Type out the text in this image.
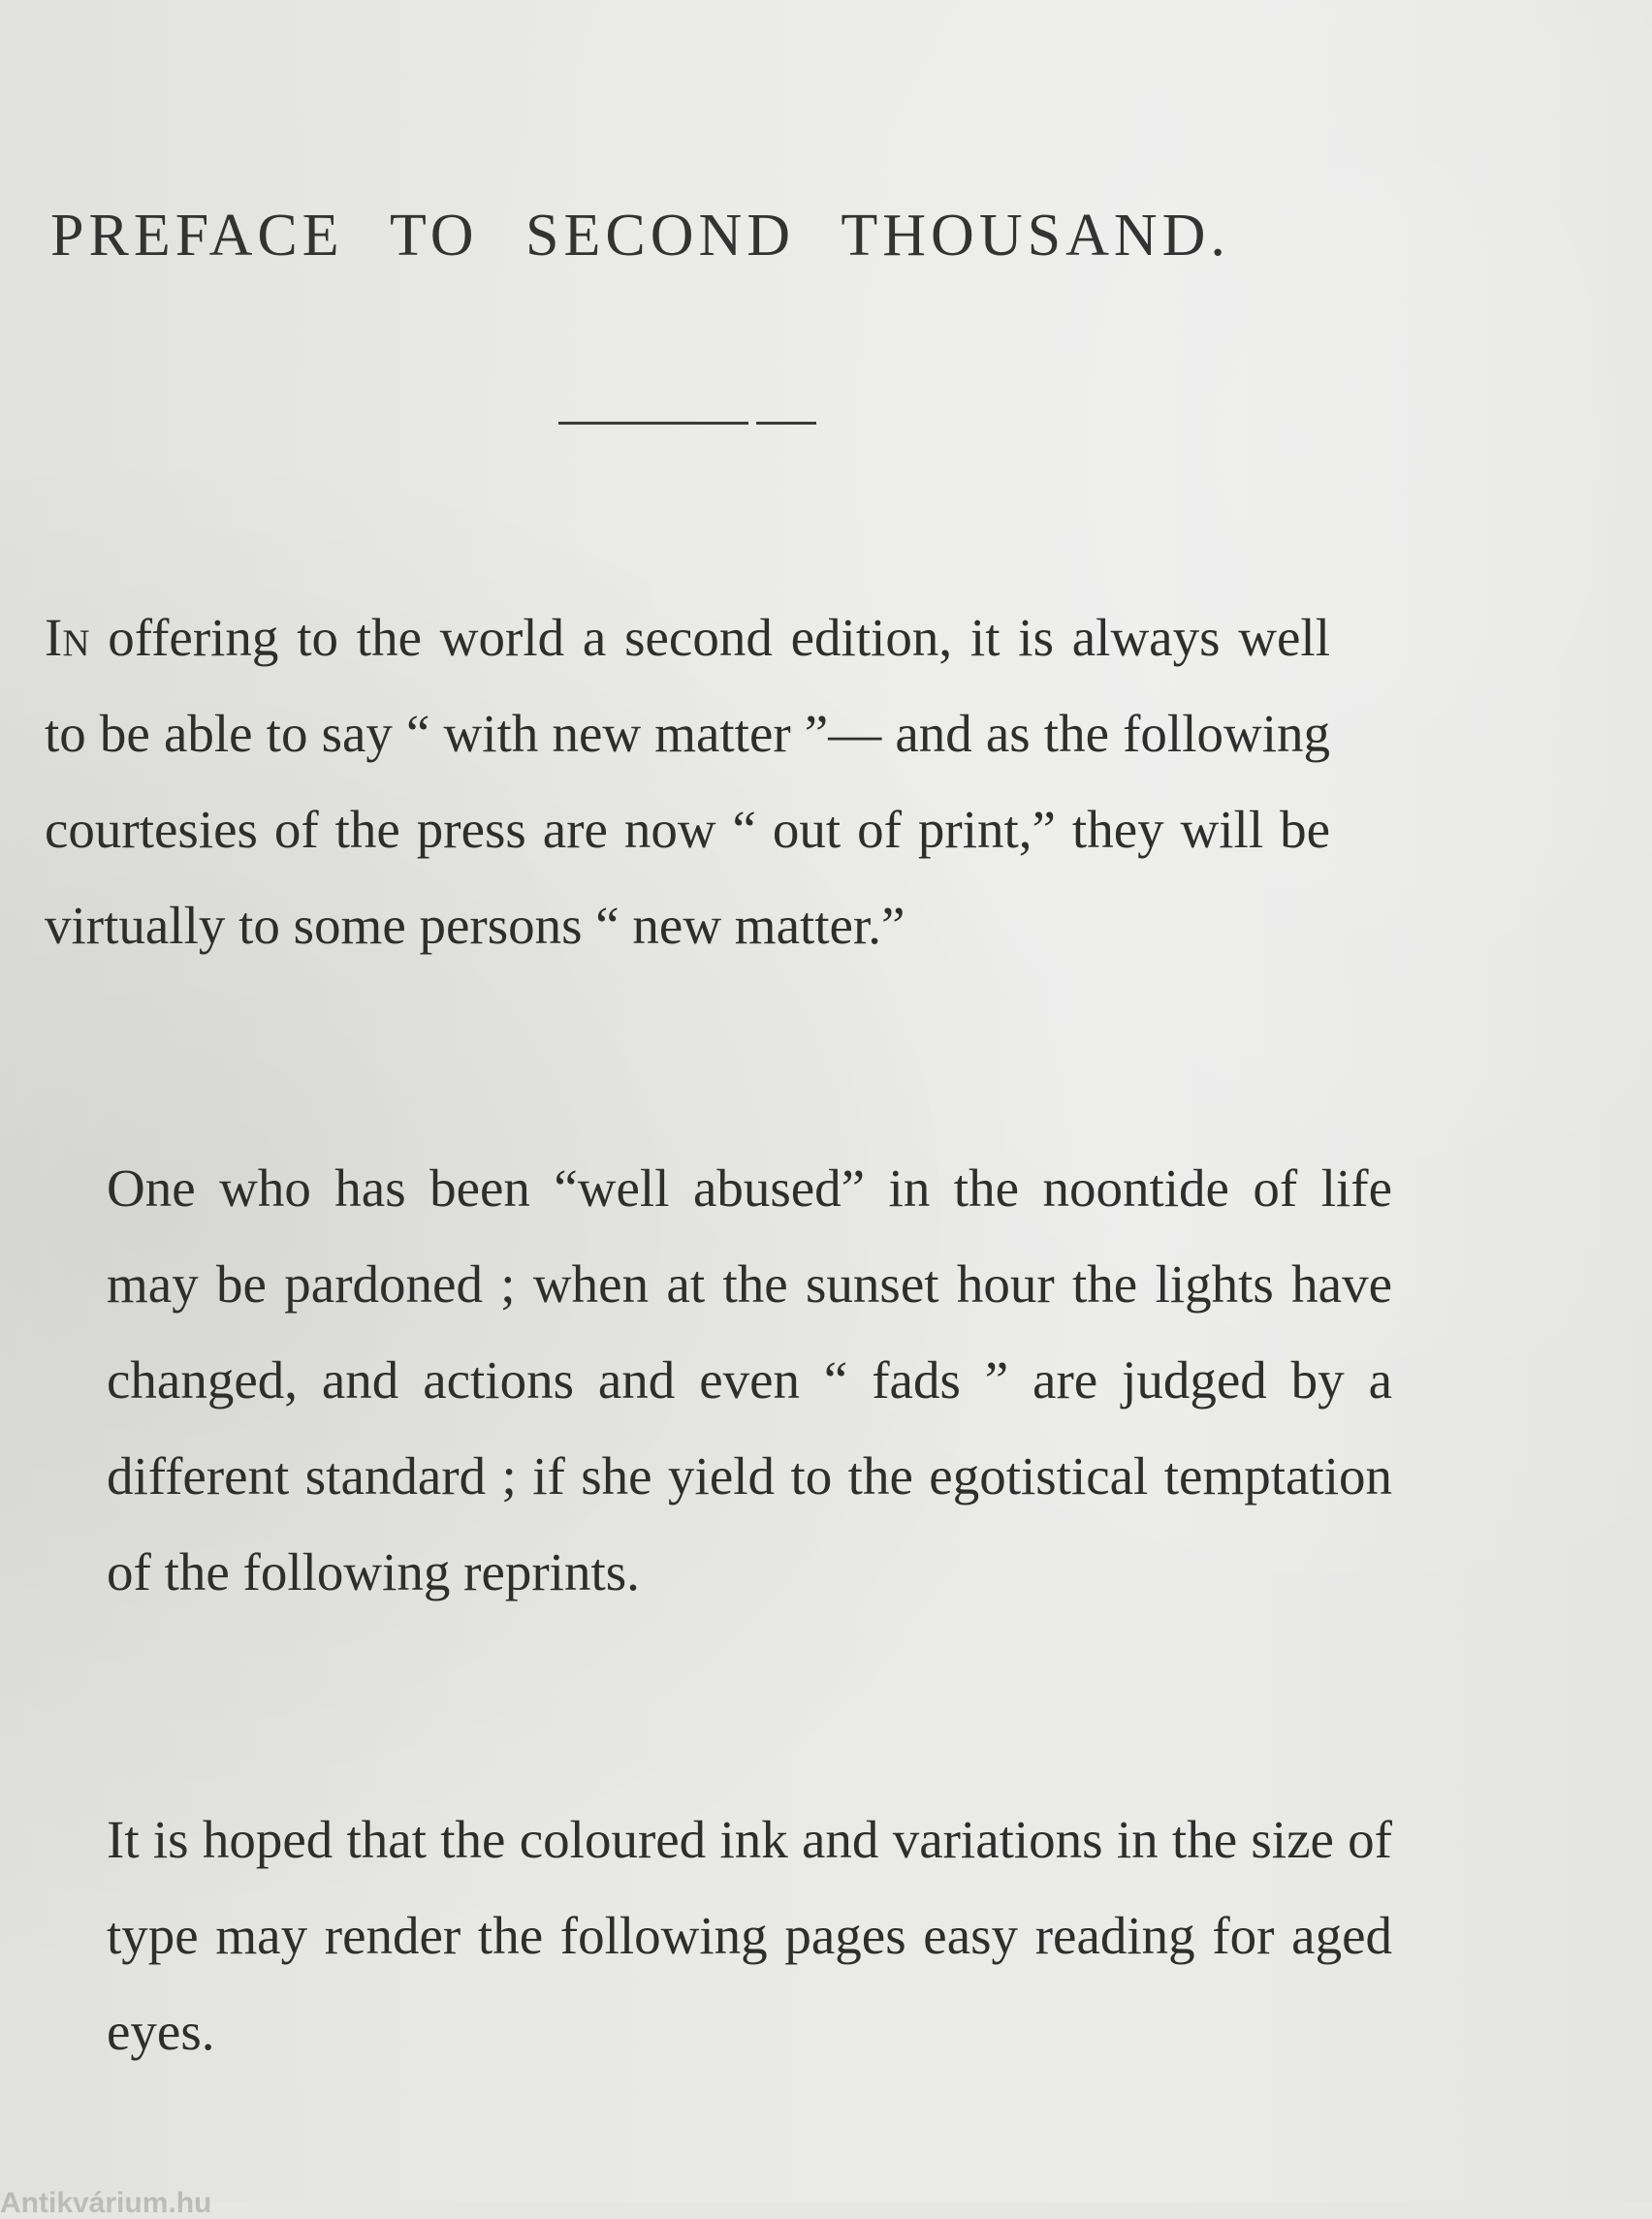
PREFACE TO SECOND THOUSAND.

In offering to the world a second edition, it is always well to be able to say “ with new matter ”— and as the following courtesies of the press are now “ out of print,” they will be virtually to some persons “ new matter.”

One who has been “well abused” in the noontide of life may be pardoned ; when at the sunset hour the lights have changed, and actions and even “ fads ” are judged by a different standard ; if she yield to the egotistical temptation of the following reprints.

It is hoped that the coloured ink and variations in the size of type may render the following pages easy reading for aged eyes.

Antikvárium.hu
